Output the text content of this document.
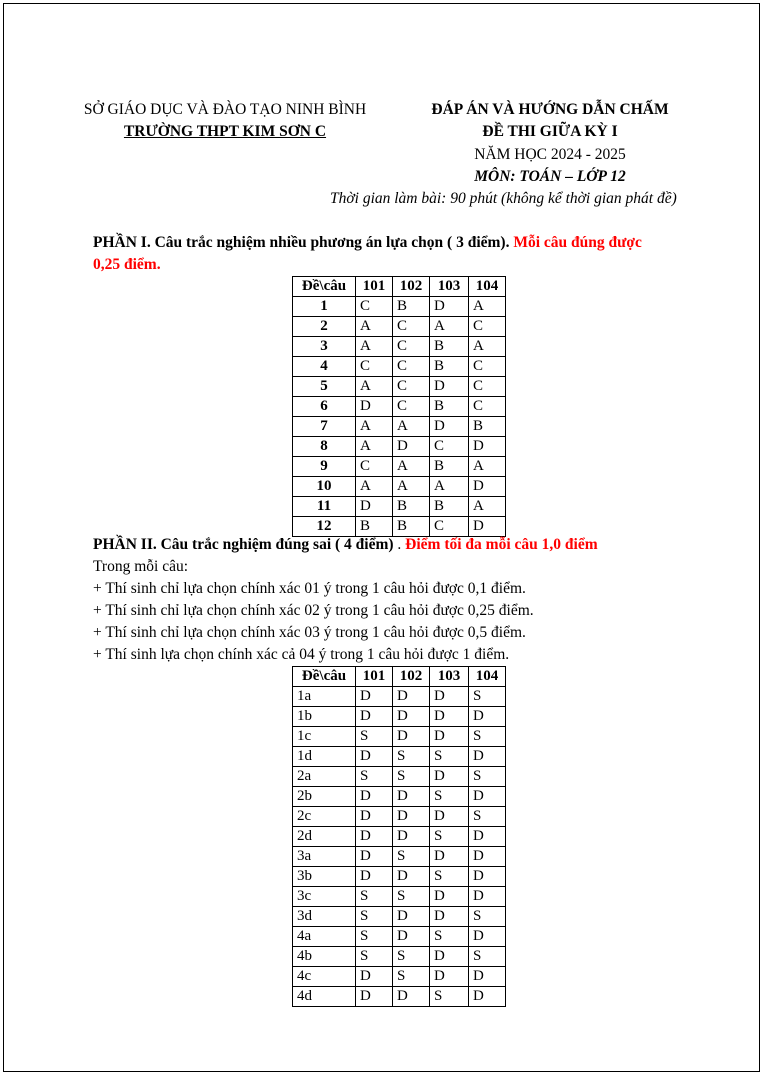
SỞ GIÁO DỤC VÀ ĐÀO TẠO NINH BÌNH
TRƯỜNG THPT KIM SƠN C
ĐÁP ÁN VÀ HƯỚNG DẪN CHẤM
ĐỀ THI GIỮA KỲ I
NĂM HỌC 2024 - 2025
MÔN: TOÁN – LỚP 12
Thời gian làm bài: 90 phút (không kể thời gian phát đề)
PHẦN I. Câu trắc nghiệm nhiều phương án lựa chọn ( 3 điểm). Mỗi câu đúng được
0,25 điểm.
Đề\câu	101	102	103	104
1	C	B	D	A
2	A	C	A	C
3	A	C	B	A
4	C	C	B	C
5	A	C	D	C
6	D	C	B	C
7	A	A	D	B
8	A	D	C	D
9	C	A	B	A
10	A	A	A	D
11	D	B	B	A
12	B	B	C	D
PHẦN II. Câu trắc nghiệm đúng sai ( 4 điểm) . Điểm tối đa mỗi câu 1,0 điểm
Trong mỗi câu:
+ Thí sinh chỉ lựa chọn chính xác 01 ý trong 1 câu hỏi được 0,1 điểm.
+ Thí sinh chỉ lựa chọn chính xác 02 ý trong 1 câu hỏi được 0,25 điểm.
+ Thí sinh chỉ lựa chọn chính xác 03 ý trong 1 câu hỏi được 0,5 điểm.
+ Thí sinh lựa chọn chính xác cả 04 ý trong 1 câu hỏi được 1 điểm.
Đề\câu	101	102	103	104
1a	D	D	D	S
1b	D	D	D	D
1c	S	D	D	S
1d	D	S	S	D
2a	S	S	D	S
2b	D	D	S	D
2c	D	D	D	S
2d	D	D	S	D
3a	D	S	D	D
3b	D	D	S	D
3c	S	S	D	D
3d	S	D	D	S
4a	S	D	S	D
4b	S	S	D	S
4c	D	S	D	D
4d	D	D	S	D
